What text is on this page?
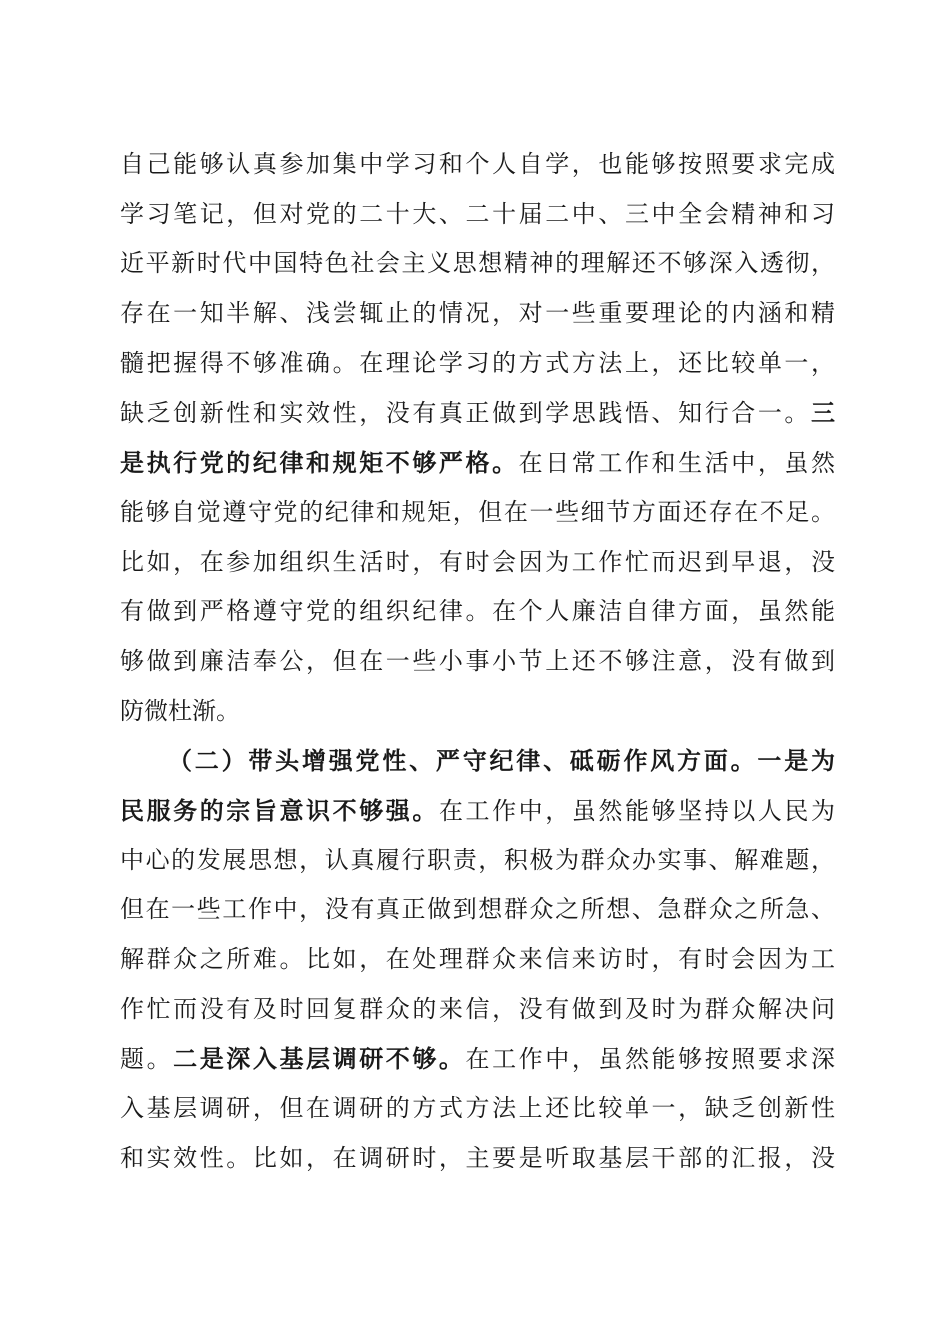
自己能够认真参加集中学习和个人自学，也能够按照要求完成
学习笔记，但对党的二十大、二十届二中、三中全会精神和习
近平新时代中国特色社会主义思想精神的理解还不够深入透彻，
存在一知半解、浅尝辄止的情况，对一些重要理论的内涵和精
髓把握得不够准确。在理论学习的方式方法上，还比较单一，
缺乏创新性和实效性，没有真正做到学思践悟、知行合一。三
是执行党的纪律和规矩不够严格。在日常工作和生活中，虽然
能够自觉遵守党的纪律和规矩，但在一些细节方面还存在不足。
比如，在参加组织生活时，有时会因为工作忙而迟到早退，没
有做到严格遵守党的组织纪律。在个人廉洁自律方面，虽然能
够做到廉洁奉公，但在一些小事小节上还不够注意，没有做到
防微杜渐。
（二）带头增强党性、严守纪律、砥砺作风方面。一是为
民服务的宗旨意识不够强。在工作中，虽然能够坚持以人民为
中心的发展思想，认真履行职责，积极为群众办实事、解难题，
但在一些工作中，没有真正做到想群众之所想、急群众之所急、
解群众之所难。比如，在处理群众来信来访时，有时会因为工
作忙而没有及时回复群众的来信，没有做到及时为群众解决问
题。二是深入基层调研不够。在工作中，虽然能够按照要求深
入基层调研，但在调研的方式方法上还比较单一，缺乏创新性
和实效性。比如，在调研时，主要是听取基层干部的汇报，没
